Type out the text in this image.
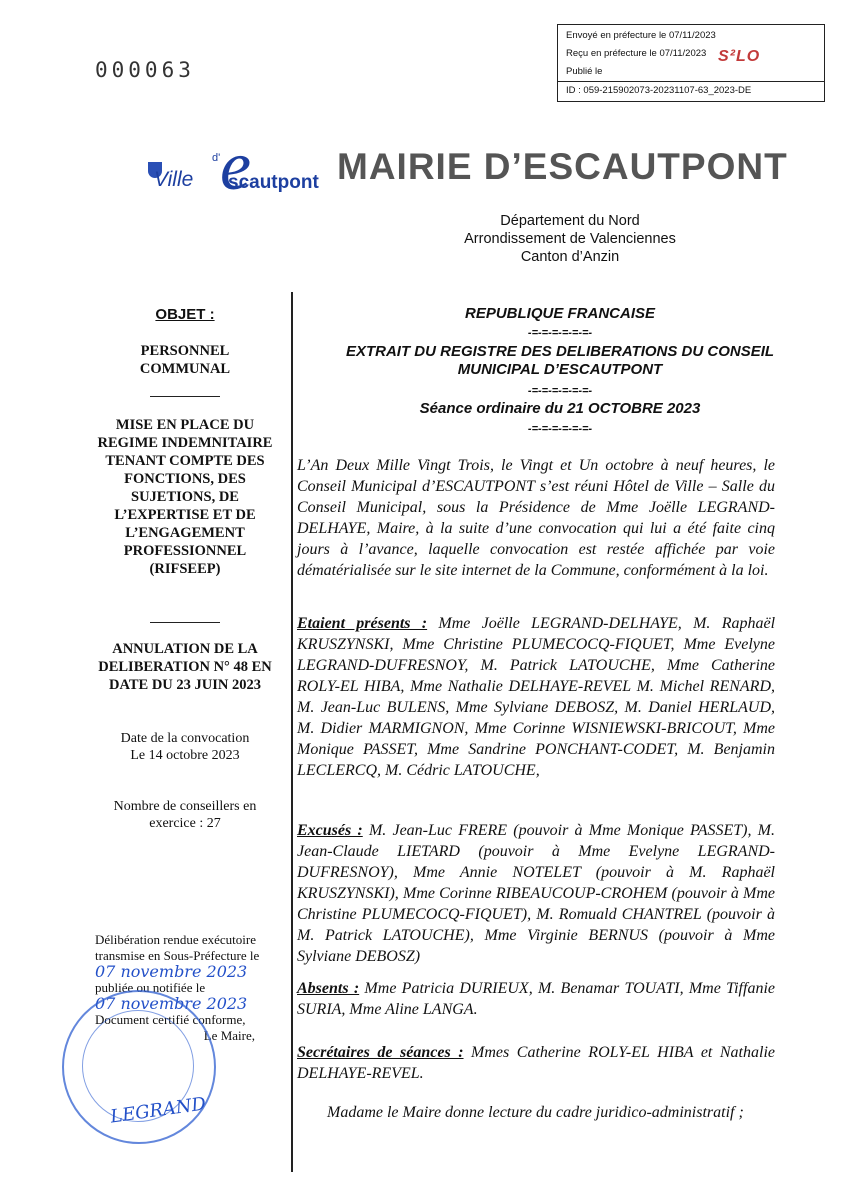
000063
Envoyé en préfecture le 07/11/2023
Reçu en préfecture le 07/11/2023
Publié le
ID : 059-215902073-20231107-63_2023-DE
S²LO
d'
Ville e
scautpont MAIRIE D’ESCAUTPONT
Département du Nord
Arrondissement de Valenciennes
Canton d’Anzin
OBJET :
PERSONNEL COMMUNAL
MISE EN PLACE DU REGIME INDEMNITAIRE TENANT COMPTE DES FONCTIONS, DES SUJETIONS, DE L’EXPERTISE ET DE L’ENGAGEMENT PROFESSIONNEL (RIFSEEP)
ANNULATION DE LA DELIBERATION N° 48 EN DATE DU 23 JUIN 2023
Date de la convocation
Le 14 octobre 2023
Nombre de conseillers en exercice : 27
Délibération rendue exécutoire transmise en Sous-Préfecture le
07 novembre 2023
publiée ou notifiée le
07 novembre 2023
Document certifié conforme,
Le Maire,
LEGRAND
REPUBLIQUE FRANCAISE
-=-=-=-=-=-=-
EXTRAIT DU REGISTRE DES DELIBERATIONS DU CONSEIL MUNICIPAL D’ESCAUTPONT
-=-=-=-=-=-=-
Séance ordinaire du 21 OCTOBRE 2023
-=-=-=-=-=-=-
L’An Deux Mille Vingt Trois, le Vingt et Un octobre à neuf heures, le Conseil Municipal d’ESCAUTPONT s’est réuni Hôtel de Ville – Salle du Conseil Municipal, sous la Présidence de Mme Joëlle LEGRAND-DELHAYE, Maire, à la suite d’une convocation qui lui a été faite cinq jours à l’avance, laquelle convocation est restée affichée par voie dématérialisée sur le site internet de la Commune, conformément à la loi.
Etaient présents : Mme Joëlle LEGRAND-DELHAYE, M. Raphaël KRUSZYNSKI, Mme Christine PLUMECOCQ-FIQUET, Mme Evelyne LEGRAND-DUFRESNOY, M. Patrick LATOUCHE, Mme Catherine ROLY-EL HIBA, Mme Nathalie DELHAYE-REVEL M. Michel RENARD, M. Jean-Luc BULENS, Mme Sylviane DEBOSZ, M. Daniel HERLAUD, M. Didier MARMIGNON, Mme Corinne WISNIEWSKI-BRICOUT, Mme Monique PASSET, Mme Sandrine PONCHANT-CODET, M. Benjamin LECLERCQ, M. Cédric LATOUCHE,
Excusés : M. Jean-Luc FRERE (pouvoir à Mme Monique PASSET), M. Jean-Claude LIETARD (pouvoir à Mme Evelyne LEGRAND-DUFRESNOY), Mme Annie NOTELET (pouvoir à M. Raphaël KRUSZYNSKI), Mme Corinne RIBEAUCOUP-CROHEM (pouvoir à Mme Christine PLUMECOCQ-FIQUET), M. Romuald CHANTREL (pouvoir à M. Patrick LATOUCHE), Mme Virginie BERNUS (pouvoir à Mme Sylviane DEBOSZ)
Absents : Mme Patricia DURIEUX, M. Benamar TOUATI, Mme Tiffanie SURIA, Mme Aline LANGA.
Secrétaires de séances : Mmes Catherine ROLY-EL HIBA et Nathalie DELHAYE-REVEL.
Madame le Maire donne lecture du cadre juridico-administratif ;
